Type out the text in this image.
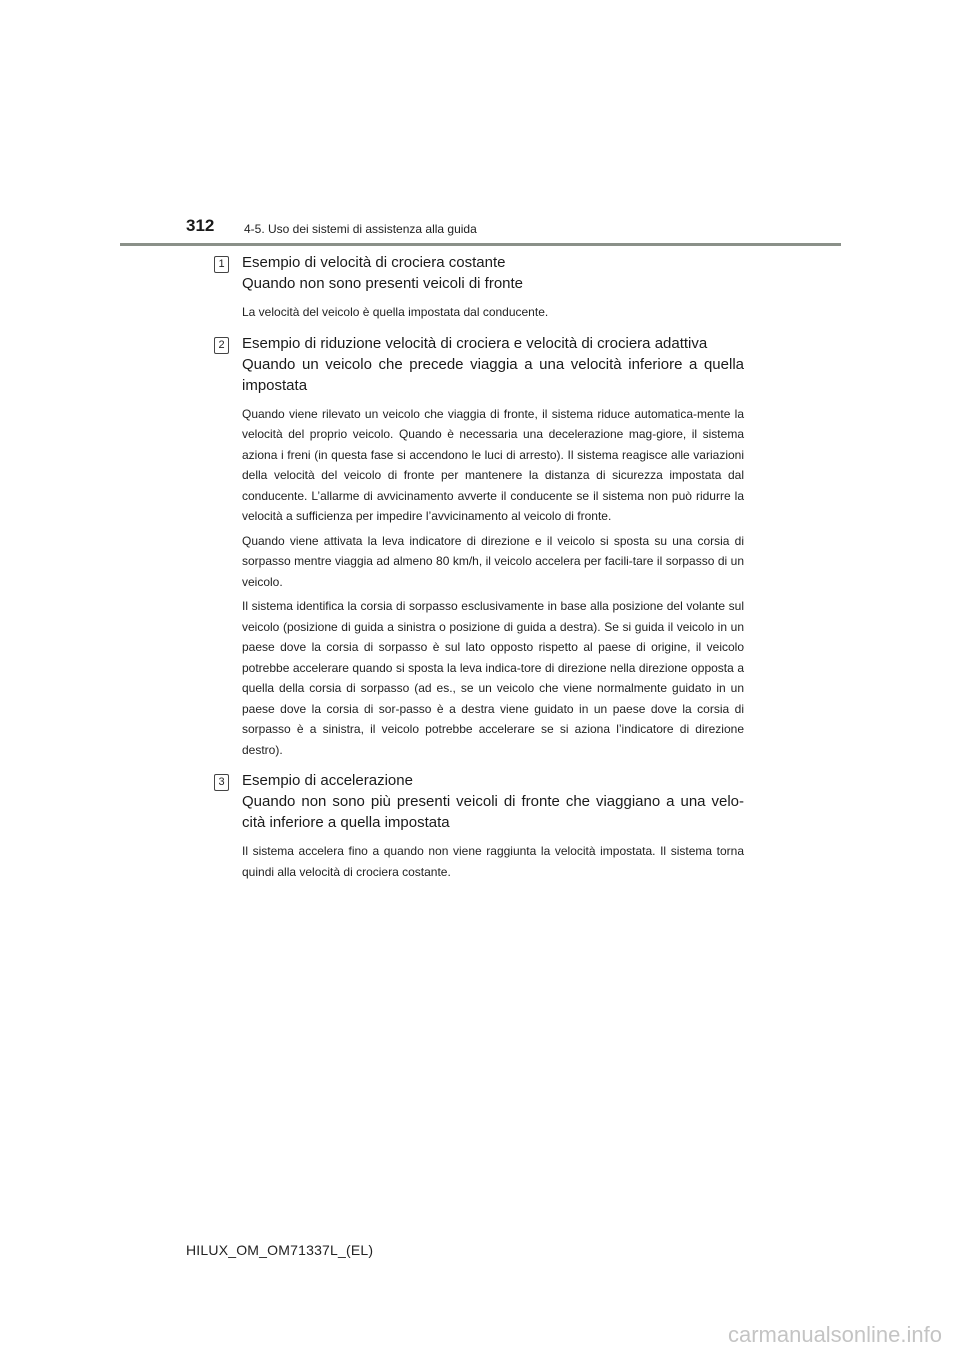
312 4-5. Uso dei sistemi di assistenza alla guida
1 Esempio di velocità di crociera costante
Quando non sono presenti veicoli di fronte

La velocità del veicolo è quella impostata dal conducente.

2 Esempio di riduzione velocità di crociera e velocità di crociera adattiva
Quando un veicolo che precede viaggia a una velocità inferiore a quella impostata

Quando viene rilevato un veicolo che viaggia di fronte, il sistema riduce automatica-mente la velocità del proprio veicolo. Quando è necessaria una decelerazione mag-giore, il sistema aziona i freni (in questa fase si accendono le luci di arresto). Il sistema reagisce alle variazioni della velocità del veicolo di fronte per mantenere la distanza di sicurezza impostata dal conducente. L’allarme di avvicinamento avverte il conducente se il sistema non può ridurre la velocità a sufficienza per impedire l’avvicinamento al veicolo di fronte.

Quando viene attivata la leva indicatore di direzione e il veicolo si sposta su una corsia di sorpasso mentre viaggia ad almeno 80 km/h, il veicolo accelera per facili-tare il sorpasso di un veicolo.

Il sistema identifica la corsia di sorpasso esclusivamente in base alla posizione del volante sul veicolo (posizione di guida a sinistra o posizione di guida a destra). Se si guida il veicolo in un paese dove la corsia di sorpasso è sul lato opposto rispetto al paese di origine, il veicolo potrebbe accelerare quando si sposta la leva indica-tore di direzione nella direzione opposta a quella della corsia di sorpasso (ad es., se un veicolo che viene normalmente guidato in un paese dove la corsia di sor-passo è a destra viene guidato in un paese dove la corsia di sorpasso è a sinistra, il veicolo potrebbe accelerare se si aziona l’indicatore di direzione destro).

3 Esempio di accelerazione
Quando non sono più presenti veicoli di fronte che viaggiano a una velo-cità inferiore a quella impostata

Il sistema accelera fino a quando non viene raggiunta la velocità impostata. Il sistema torna quindi alla velocità di crociera costante.

HILUX_OM_OM71337L_(EL)
carmanualsonline.info
